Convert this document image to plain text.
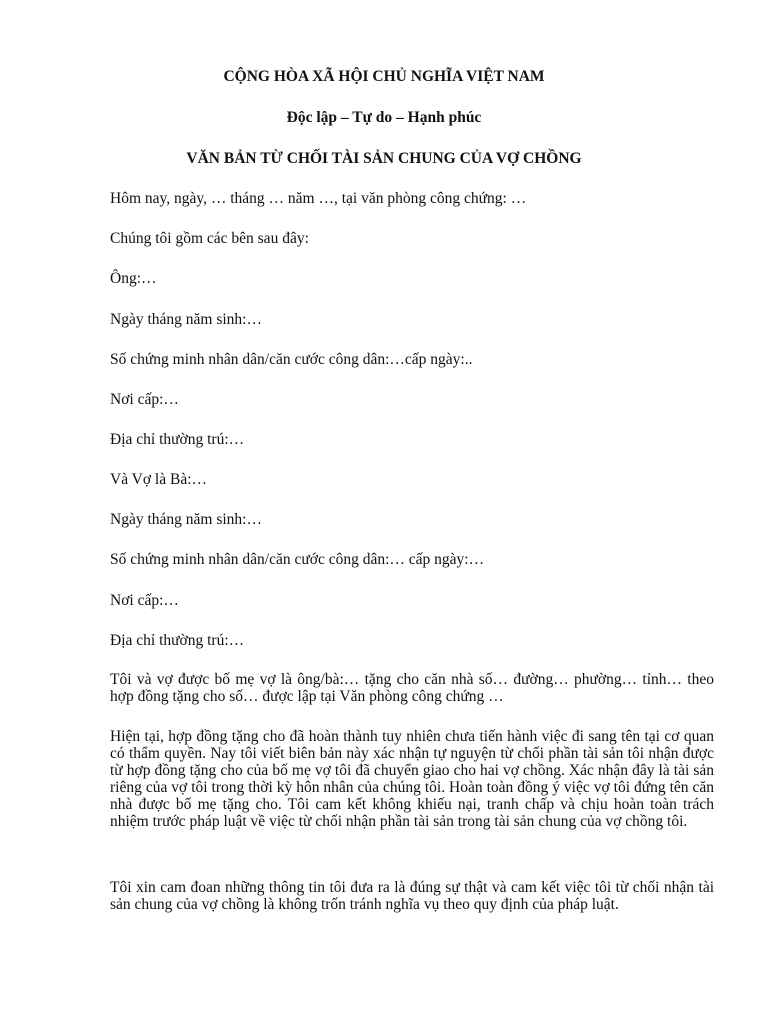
CỘNG HÒA XÃ HỘI CHỦ NGHĨA VIỆT NAM

Độc lập – Tự do – Hạnh phúc

VĂN BẢN TỪ CHỐI TÀI SẢN CHUNG CỦA VỢ CHỒNG

Hôm nay, ngày, … tháng … năm …, tại văn phòng công chứng: …

Chúng tôi gồm các bên sau đây:

Ông:…

Ngày tháng năm sinh:…

Số chứng minh nhân dân/căn cước công dân:…cấp ngày:..

Nơi cấp:…

Địa chỉ thường trú:…

Và Vợ là Bà:…

Ngày tháng năm sinh:…

Số chứng minh nhân dân/căn cước công dân:… cấp ngày:…

Nơi cấp:…

Địa chỉ thường trú:…

Tôi và vợ được bố mẹ vợ là ông/bà:… tặng cho căn nhà số… đường… phường… tỉnh… theo hợp đồng tặng cho số… được lập tại Văn phòng công chứng …

Hiện tại, hợp đồng tặng cho đã hoàn thành tuy nhiên chưa tiến hành việc đi sang tên tại cơ quan có thẩm quyền. Nay tôi viết biên bản này xác nhận tự nguyện từ chối phần tài sản tôi nhận được từ hợp đồng tặng cho của bố mẹ vợ tôi đã chuyển giao cho hai vợ chồng. Xác nhận đây là tài sản riêng của vợ tôi trong thời kỳ hôn nhân của chúng tôi. Hoàn toàn đồng ý việc vợ tôi đứng tên căn nhà được bố mẹ tặng cho. Tôi cam kết không khiếu nại, tranh chấp và chịu hoàn toàn trách nhiệm trước pháp luật về việc từ chối nhận phần tài sản trong tài sản chung của vợ chồng tôi.

Tôi xin cam đoan những thông tin tôi đưa ra là đúng sự thật và cam kết việc tôi từ chối nhận tài sản chung của vợ chồng là không trốn tránh nghĩa vụ theo quy định của pháp luật.
